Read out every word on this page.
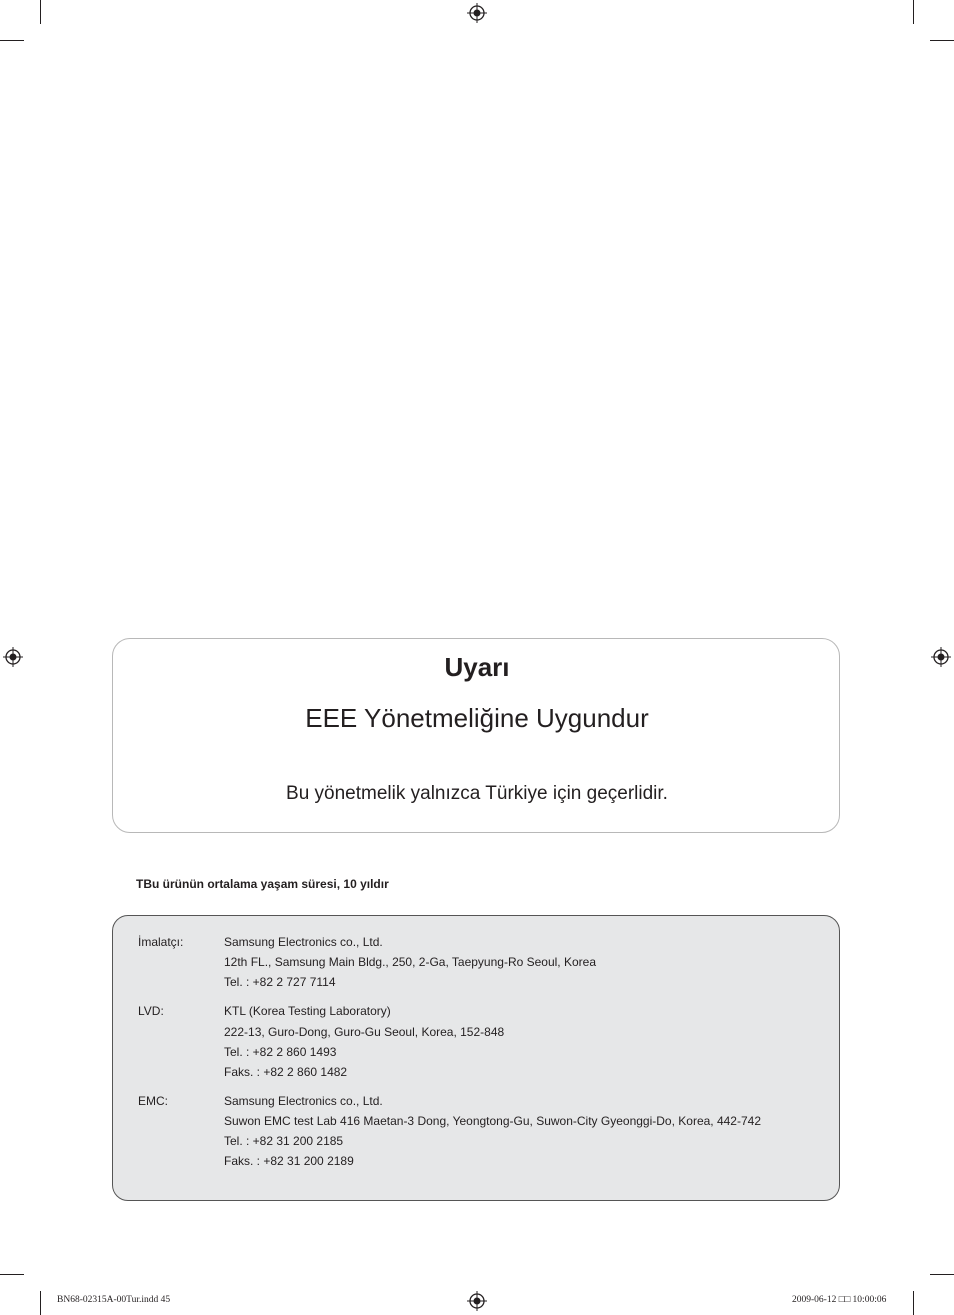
Uyarı
EEE Yönetmeliğine Uygundur
Bu yönetmelik yalnızca Türkiye için geçerlidir.
TBu ürünün ortalama yaşam süresi, 10 yıldır
İmalatçı:	Samsung Electronics co., Ltd.
12th FL., Samsung Main Bldg., 250, 2-Ga, Taepyung-Ro Seoul, Korea
Tel. : +82 2 727 7114
LVD:	KTL (Korea Testing Laboratory)
222-13, Guro-Dong, Guro-Gu Seoul, Korea, 152-848
Tel. : +82 2 860 1493
Faks. : +82 2 860 1482
EMC:	Samsung Electronics co., Ltd.
Suwon EMC test Lab 416 Maetan-3 Dong, Yeongtong-Gu, Suwon-City Gyeonggi-Do, Korea, 442-742
Tel. : +82 31 200 2185
Faks. : +82 31 200 2189
BN68-02315A-00Tur.indd 45	2009-06-12 □□ 10:00:06
